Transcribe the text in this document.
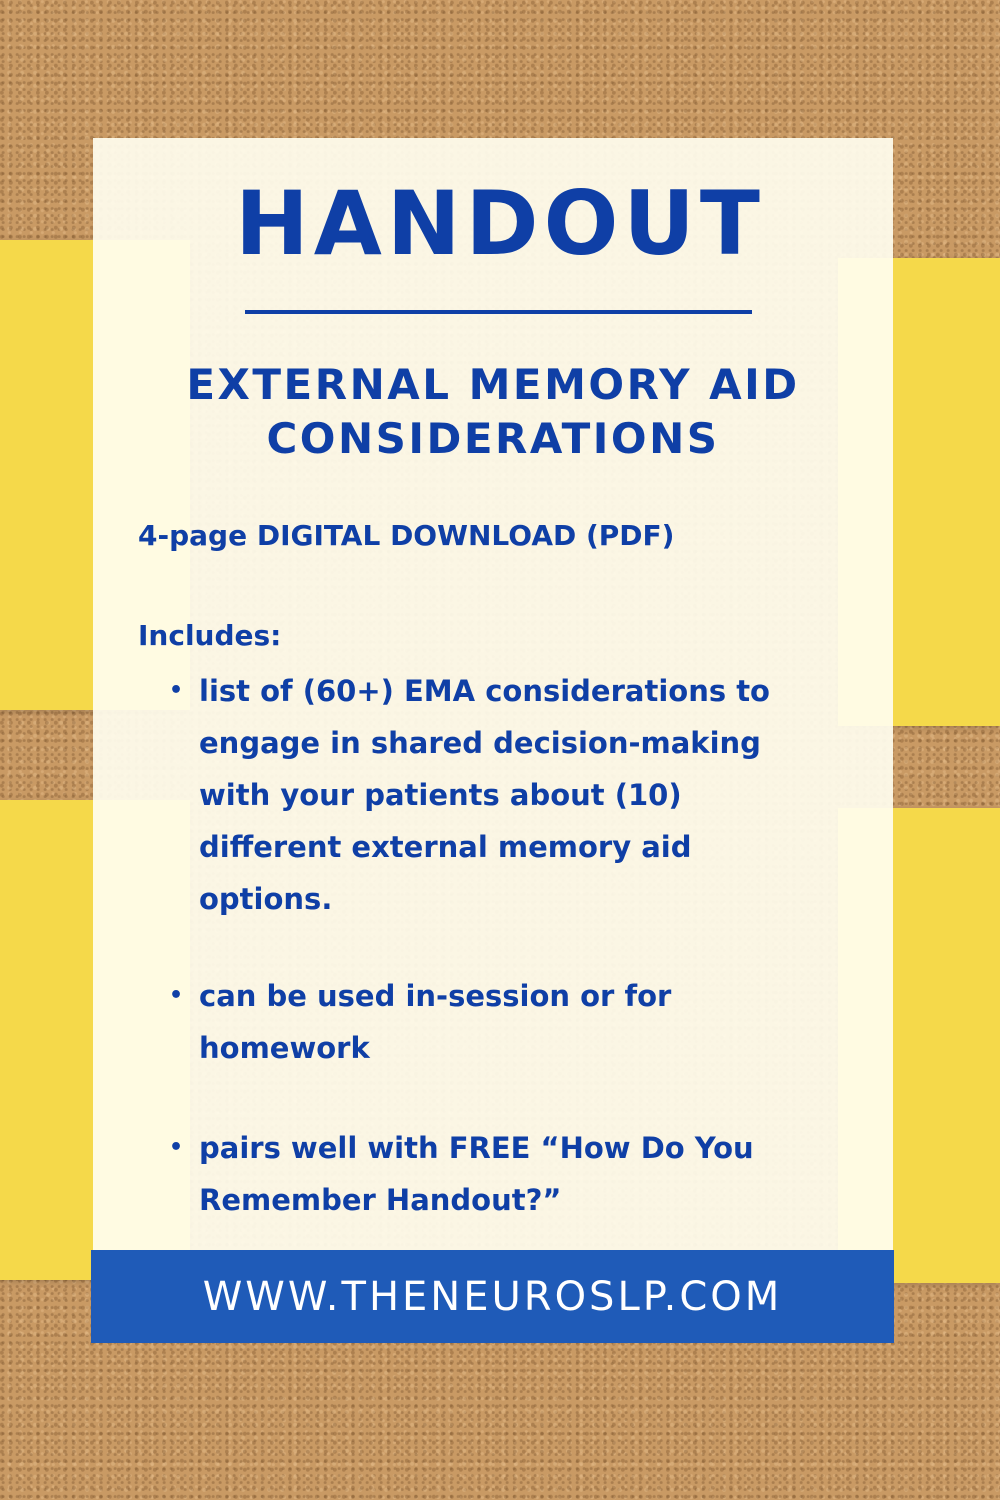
HANDOUT
EXTERNAL MEMORY AID
CONSIDERATIONS

4-page DIGITAL DOWNLOAD (PDF)

Includes:

• list of (60+) EMA considerations to
engage in shared decision-making
with your patients about (10)
different external memory aid
options.
• can be used in-session or for
homework
• pairs well with FREE “How Do You
Remember Handout?”
WWW.THENEUROSLP.COM
